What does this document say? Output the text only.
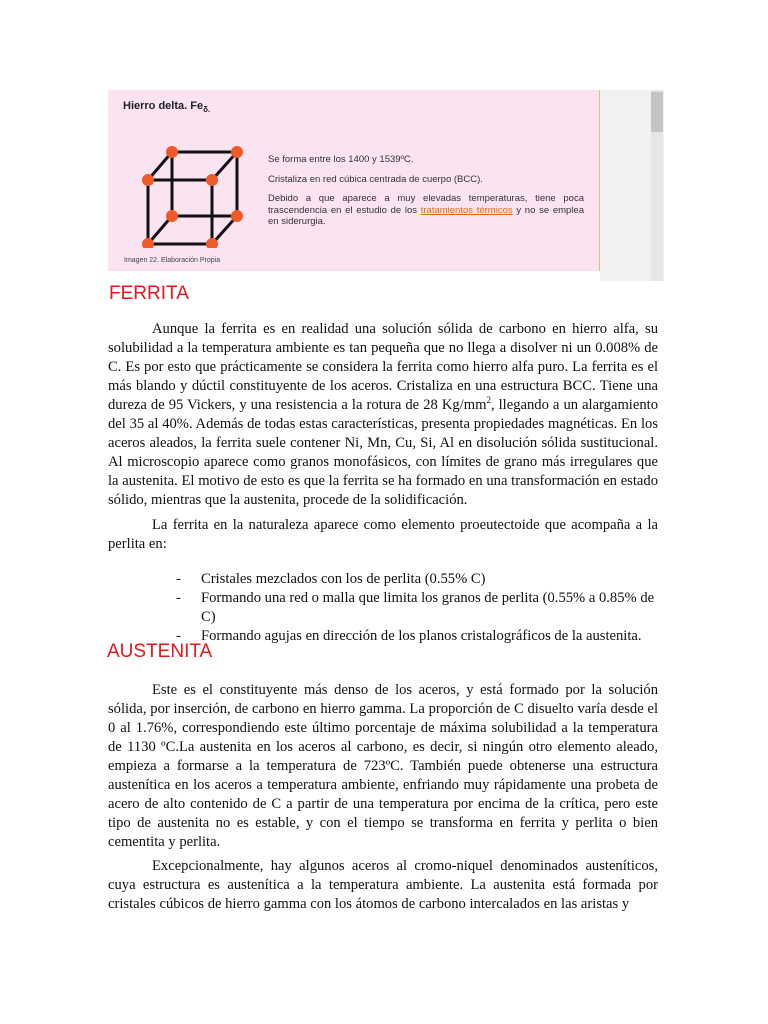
Hierro delta. $Fe_{\delta.}$

Se forma entre los 1400 y 1539ºC.

Cristaliza en red cúbica centrada de cuerpo (BCC).

Debido a que aparece a muy elevadas temperaturas, tiene poca trascendencia en el estudio de los tratamientos térmicos y no se emplea en siderurgia.

Imagen 22. Elaboración Propia
FERRITA

Aunque la ferrita es en realidad una solución sólida de carbono en hierro alfa, su solubilidad a la temperatura ambiente es tan pequeña que no llega a disolver ni un 0.008% de C. Es por esto que prácticamente se considera la ferrita como hierro alfa puro. La ferrita es el más blando y dúctil constituyente de los aceros. Cristaliza en una estructura BCC. Tiene una dureza de 95 Vickers, y una resistencia a la rotura de 28 $Kg/mm^2$, llegando a un alargamiento del 35 al 40%. Además de todas estas características, presenta propiedades magnéticas. En los aceros aleados, la ferrita suele contener Ni, Mn, Cu, Si, Al en disolución sólida sustitucional. Al microscopio aparece como granos monofásicos, con límites de grano más irregulares que la austenita. El motivo de esto es que la ferrita se ha formado en una transformación en estado sólido, mientras que la austenita, procede de la solidificación.

La ferrita en la naturaleza aparece como elemento proeutectoide que acompaña a la perlita en:

- Cristales mezclados con los de perlita (0.55% C)
- Formando una red o malla que limita los granos de perlita (0.55% a 0.85% de C)
- Formando agujas en dirección de los planos cristalográficos de la austenita.
AUSTENITA

Este es el constituyente más denso de los aceros, y está formado por la solución sólida, por inserción, de carbono en hierro gamma. La proporción de C disuelto varía desde el 0 al 1.76%, correspondiendo este último porcentaje de máxima solubilidad a la temperatura de 1130 ºC.La austenita en los aceros al carbono, es decir, si ningún otro elemento aleado, empieza a formarse a la temperatura de 723ºC. También puede obtenerse una estructura austenítica en los aceros a temperatura ambiente, enfriando muy rápidamente una probeta de acero de alto contenido de C a partir de una temperatura por encima de la crítica, pero este tipo de austenita no es estable, y con el tiempo se transforma en ferrita y perlita o bien cementita y perlita.

Excepcionalmente, hay algunos aceros al cromo-niquel denominados austeníticos, cuya estructura es austenítica a la temperatura ambiente. La austenita está formada por cristales cúbicos de hierro gamma con los átomos de carbono intercalados en las aristas y
